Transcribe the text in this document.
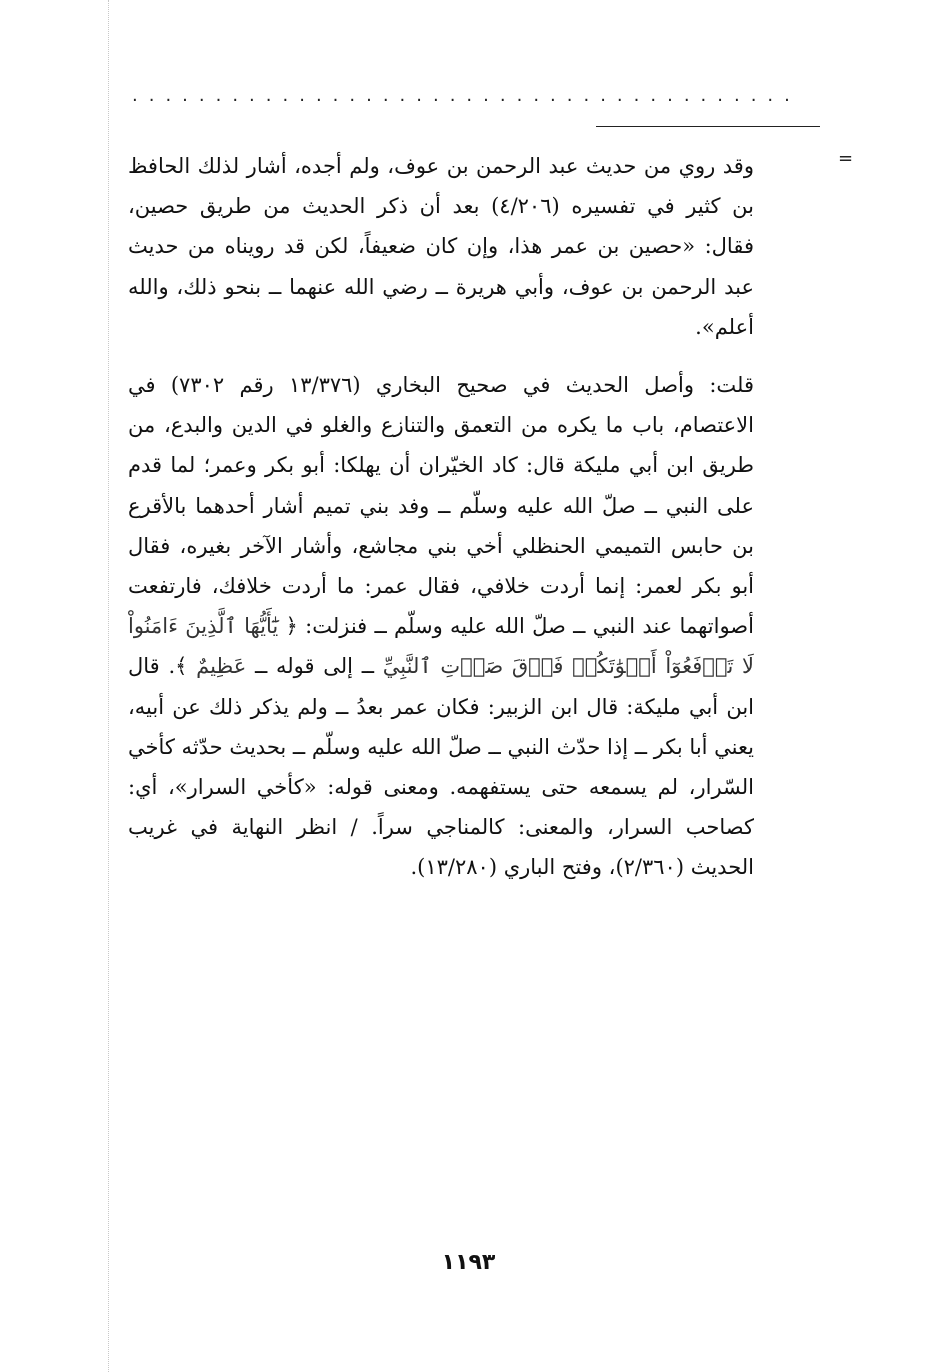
........................................
=

وقد روي من حديث عبد الرحمن بن عوف، ولم أجده، أشار لذلك الحافظ بن كثير في تفسيره (٤/٢٠٦) بعد أن ذكر الحديث من طريق حصين، فقال: «حصين بن عمر هذا، وإن كان ضعيفاً، لكن قد رويناه من حديث عبد الرحمن بن عوف، وأبي هريرة ــ رضي الله عنهما ــ بنحو ذلك، والله أعلم».

قلت: وأصل الحديث في صحيح البخاري (١٣/٣٧٦ رقم ٧٣٠٢) في الاعتصام، باب ما يكره من التعمق والتنازع والغلو في الدين والبدع، من طريق ابن أبي مليكة قال: كاد الخيّران أن يهلكا: أبو بكر وعمر؛ لما قدم على النبي ــ صلّ الله عليه وسلّم ــ وفد بني تميم أشار أحدهما بالأقرع بن حابس التميمي الحنظلي أخي بني مجاشع، وأشار الآخر بغيره، فقال أبو بكر لعمر: إنما أردت خلافي، فقال عمر: ما أردت خلافك، فارتفعت أصواتهما عند النبي ــ صلّ الله عليه وسلّم ــ فنزلت: ﴿ يَٰٓأَيُّهَا ٱلَّذِينَ ءَامَنُواْ لَا تَرۡفَعُوٓاْ أَصۡوَٰتَكُمۡ فَوۡقَ صَوۡتِ ٱلنَّبِيِّ ــ إلى قوله ــ عَظِيمٌ ﴾. قال ابن أبي مليكة: قال ابن الزبير: فكان عمر بعدُ ــ ولم يذكر ذلك عن أبيه، يعني أبا بكر ــ إذا حدّث النبي ــ صلّ الله عليه وسلّم ــ بحديث حدّثه كأخي السّرار، لم يسمعه حتى يستفهمه. ومعنى قوله: «كأخي السرار»، أي: كصاحب السرار، والمعنى: كالمناجي سراً. / انظر النهاية في غريب الحديث (٢/٣٦٠)، وفتح الباري (١٣/٢٨٠).

١١٩٣
